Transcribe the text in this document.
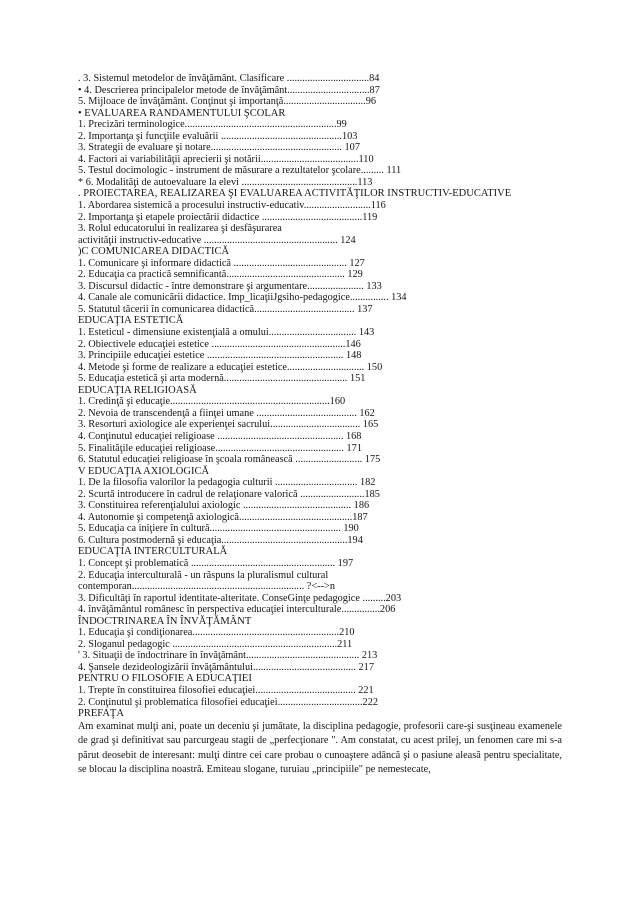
. 3. Sistemul metodelor de învăţământ. Clasificare ................................84
• 4. Descrierea principalelor metode de învăţământ................................87
5. Mijloace de învăţământ. Conţinut şi importanţă................................96
• EVALUAREA RANDAMENTULUI ŞCOLAR
1. Precizări terminologice...........................................................99
2. Importanţa şi funcţiile evaluării ...............................................103
3. Strategii de evaluare şi notare................................................... 107
4. Factori ai variabilităţii aprecierii şi notării......................................110
5. Testul docimologic - instrument de măsurare a rezultatelor şcolare......... 111
* 6. Modalităţi de autoevaluare la elevi .............................................113
. PROIECTAREA, REALIZAREA ŞI EVALUAREA ACTIVITĂŢILOR INSTRUCTIV-EDUCATIVE
1. Abordarea sistemică a procesului instructiv-educativ..........................116
2. Importanţa şi etapele proiectării didactice .......................................119
3. Rolul educatorului în realizarea şi desfăşurarea
activităţii instructiv-educative .................................................... 124
)C COMUNICAREA DIDACTICĂ
1. Comunicare şi informare didactică ............................................ 127
2. Educaţia ca practică semnificantă.............................................. 129
3. Discursul didactic - între demonstrare şi argumentare...................... 133
4. Canale ale comunicării didactice. Imp_licaţiiJgsiho-pedagogice............... 134
5. Statutul tăcerii în comunicarea didactică....................................... 137
EDUCAŢIA ESTETICĂ
1. Esteticul - dimensiune existenţială a omului.................................. 143
2. Obiectivele educaţiei estetice ....................................................146
3. Principiile educaţiei estetice ..................................................... 148
4. Metode şi forme de realizare a educaţiei estetice.............................. 150
5. Educaţia estetică şi arta modernă................................................ 151
EDUCAŢIA RELIGIOASĂ
1. Credinţă şi educaţie..............................................................160
2. Nevoia de transcendenţă a fiinţei umane ....................................... 162
3. Resorturi axiologice ale experienţei sacrului................................... 165
4. Conţinutul educaţiei religioase ................................................. 168
5. Finalităţile educaţiei religioase.................................................. 171
6. Statutul educaţiei religioase în şcoala românească .......................... 175
V EDUCAŢIA AXIOLOGICĂ
1. De la filosofia valorilor la pedagogia culturii ................................ 182
2. Scurtă introducere în cadrul de relaţionare valorică .........................185
3. Constituirea referenţialului axiologic .......................................... 186
4. Autonomie şi competenţă axiologică............................................187
5. Educaţia ca iniţiere în cultură................................................... 190
6. Cultura postmodernă şi educaţia.................................................194
EDUCAŢIA INTERCULTURALĂ
1. Concept şi problematică ........................................................ 197
2. Educaţia interculturală - un răspuns la pluralismul cultural
contemporan................................................................... ?<-->n
3. Dificultăţi în raportul identitate-alteritate. ConseGinţe pedagogice .........203
4. învăţământul românesc în perspectiva educaţiei interculturale...............206
ÎNDOCTRINAREA ÎN ÎNVĂŢĂMÂNT
1. Educaţia şi condiţionarea.........................................................210
2. Sloganul pedagogic ................................................................211
' 3. Situaţii de îndoctrinare în învăţământ............................................ 213
4. Şansele dezideologizării învăţământului........................................ 217
PENTRU O FILOSOFIE A EDUCAŢIEI
1. Trepte în constituirea filosofiei educaţiei....................................... 221
2. Conţinutul şi problematica filosofiei educaţiei.................................222
PREFAŢA
Am examinat mulţi ani, poate un deceniu şi jumătate, la disciplina pedagogie, profesorii care-şi susţineau examenele de grad şi definitivat sau parcurgeau stagii de „perfecţionare ". Am constatat, cu acest prilej, un fenomen care mi s-a părut deosebit de interesant: mulţi dintre cei care probau o cunoaştere adâncă şi o pasiune aleasă pentru specialitate, se blocau la disciplina noastră. Emiteau slogane, turuiau „principiile" pe nemestecate,
